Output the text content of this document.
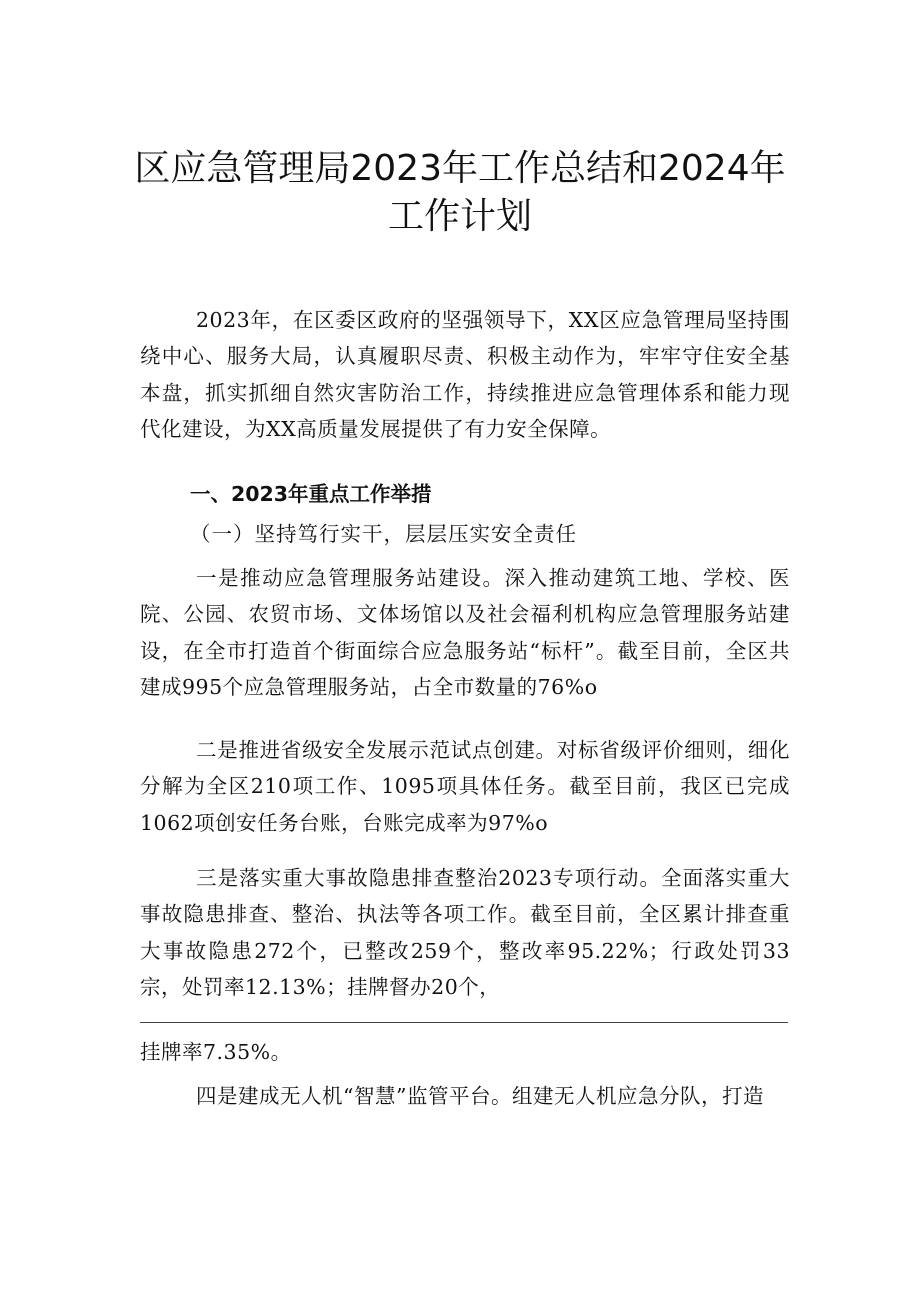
区应急管理局2023年工作总结和2024年
工作计划

2023年，在区委区政府的坚强领导下，XX区应急管理局坚持围绕中心、服务大局，认真履职尽责、积极主动作为，牢牢守住安全基本盘，抓实抓细自然灾害防治工作，持续推进应急管理体系和能力现代化建设，为XX高质量发展提供了有力安全保障。

一、2023年重点工作举措

（一）坚持笃行实干，层层压实安全责任

一是推动应急管理服务站建设。深入推动建筑工地、学校、医院、公园、农贸市场、文体场馆以及社会福利机构应急管理服务站建设，在全市打造首个街面综合应急服务站“标杆”。截至目前，全区共建成995个应急管理服务站，占全市数量的76%o

二是推进省级安全发展示范试点创建。对标省级评价细则，细化分解为全区210项工作、1095项具体任务。截至目前，我区已完成1062项创安任务台账，台账完成率为97%o

三是落实重大事故隐患排查整治2023专项行动。全面落实重大事故隐患排查、整治、执法等各项工作。截至目前，全区累计排查重大事故隐患272个，已整改259个，整改率95.22%；行政处罚33宗，处罚率12.13%；挂牌督办20个，

挂牌率7.35%。

四是建成无人机“智慧”监管平台。组建无人机应急分队，打造
